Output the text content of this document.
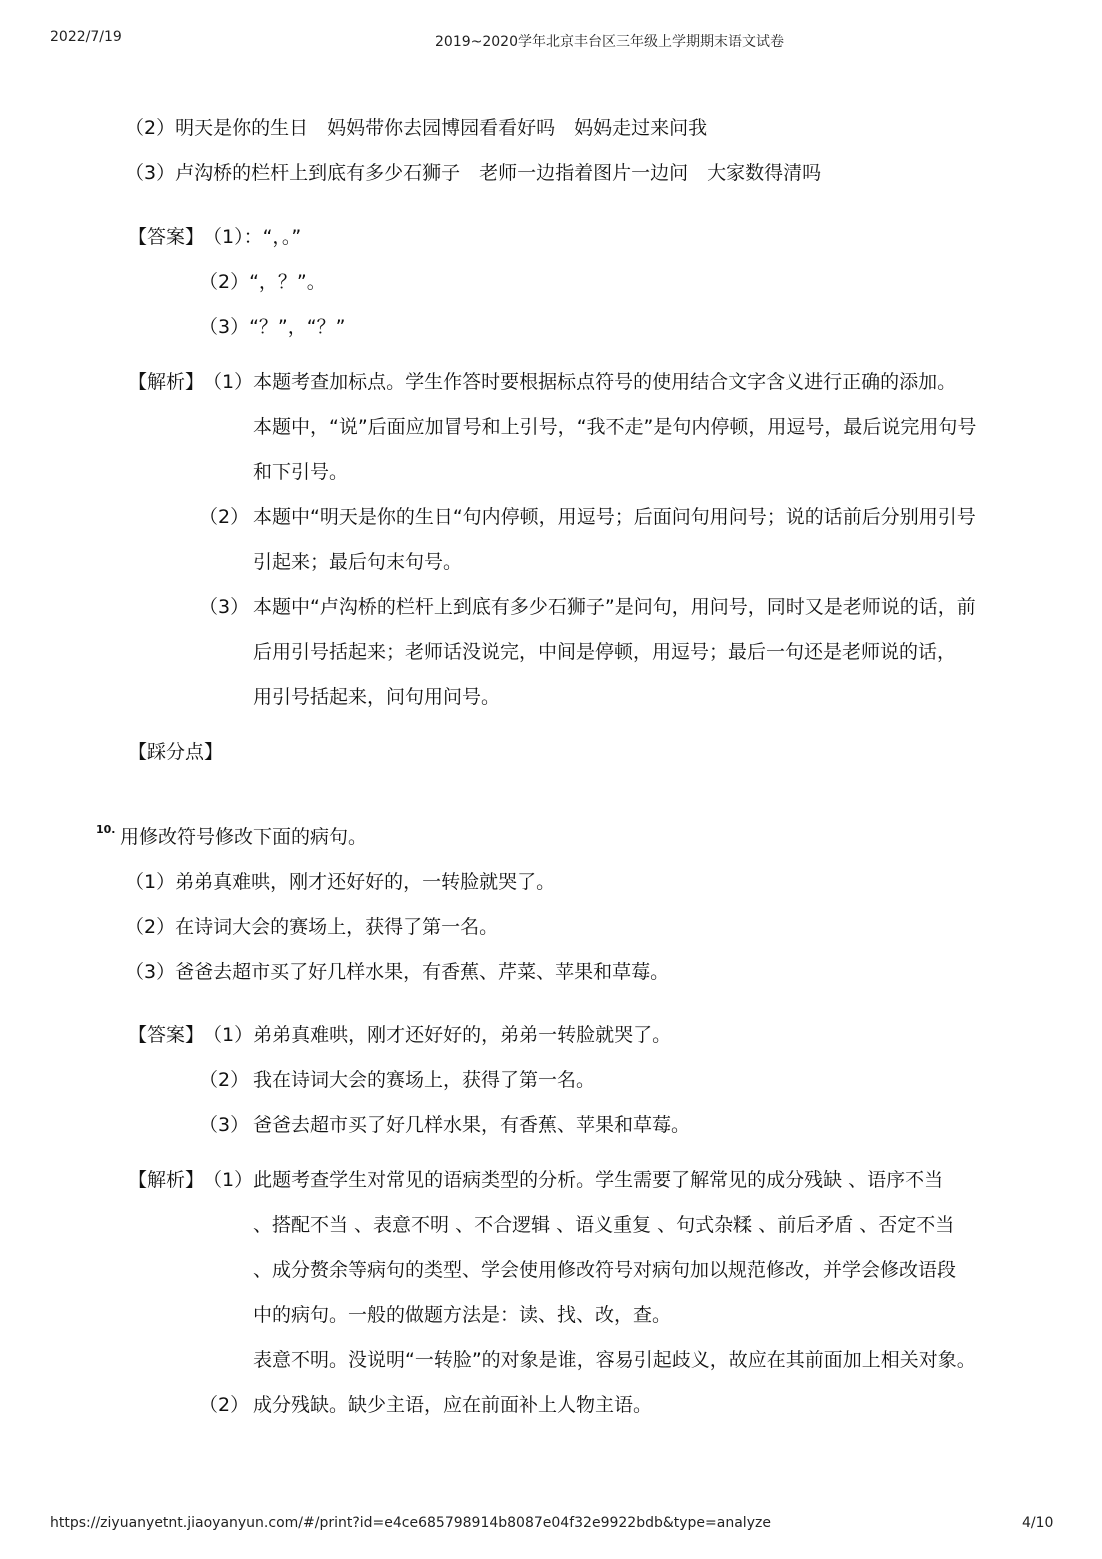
2022/7/19	2019~2020学年北京丰台区三年级上学期期末语文试卷
（2）明天是你的生日　妈妈带你去园博园看看好吗　妈妈走过来问我
（3）卢沟桥的栏杆上到底有多少石狮子　老师一边指着图片一边问　大家数得清吗
【答案】
（1）：“，。”
（2）“，？”。
（3）“？”，“？”
【解析】
（1）本题考查加标点。学生作答时要根据标点符号的使用结合文字含义进行正确的添加。
本题中，“说”后面应加冒号和上引号，“我不走”是句内停顿，用逗号，最后说完用句号
和下引号。
（2） 本题中“明天是你的生日“句内停顿，用逗号；后面问句用问号；说的话前后分别用引号
引起来；最后句末句号。
（3） 本题中“卢沟桥的栏杆上到底有多少石狮子”是问句，用问号，同时又是老师说的话，前
后用引号括起来；老师话没说完，中间是停顿，用逗号；最后一句还是老师说的话，
用引号括起来，问句用问号。
【踩分点】
10. 用修改符号修改下面的病句。
（1）弟弟真难哄，刚才还好好的，一转脸就哭了。
（2）在诗词大会的赛场上，获得了第一名。
（3）爸爸去超市买了好几样水果，有香蕉、芹菜、苹果和草莓。
【答案】
（1）弟弟真难哄，刚才还好好的，弟弟一转脸就哭了。
（2） 我在诗词大会的赛场上，获得了第一名。
（3） 爸爸去超市买了好几样水果，有香蕉、苹果和草莓。
【解析】
（1）此题考查学生对常见的语病类型的分析。学生需要了解常见的成分残缺 、语序不当
、搭配不当 、表意不明 、不合逻辑 、语义重复 、句式杂糅 、前后矛盾 、否定不当
、成分赘余等病句的类型、学会使用修改符号对病句加以规范修改，并学会修改语段
中的病句。一般的做题方法是：读、找、改，查。
表意不明。没说明“一转脸”的对象是谁，容易引起歧义，故应在其前面加上相关对象。
（2） 成分残缺。缺少主语，应在前面补上人物主语。
https://ziyuanyetnt.jiaoyanyun.com/#/print?id=e4ce685798914b8087e04f32e9922bdb&type=analyze	4/10
